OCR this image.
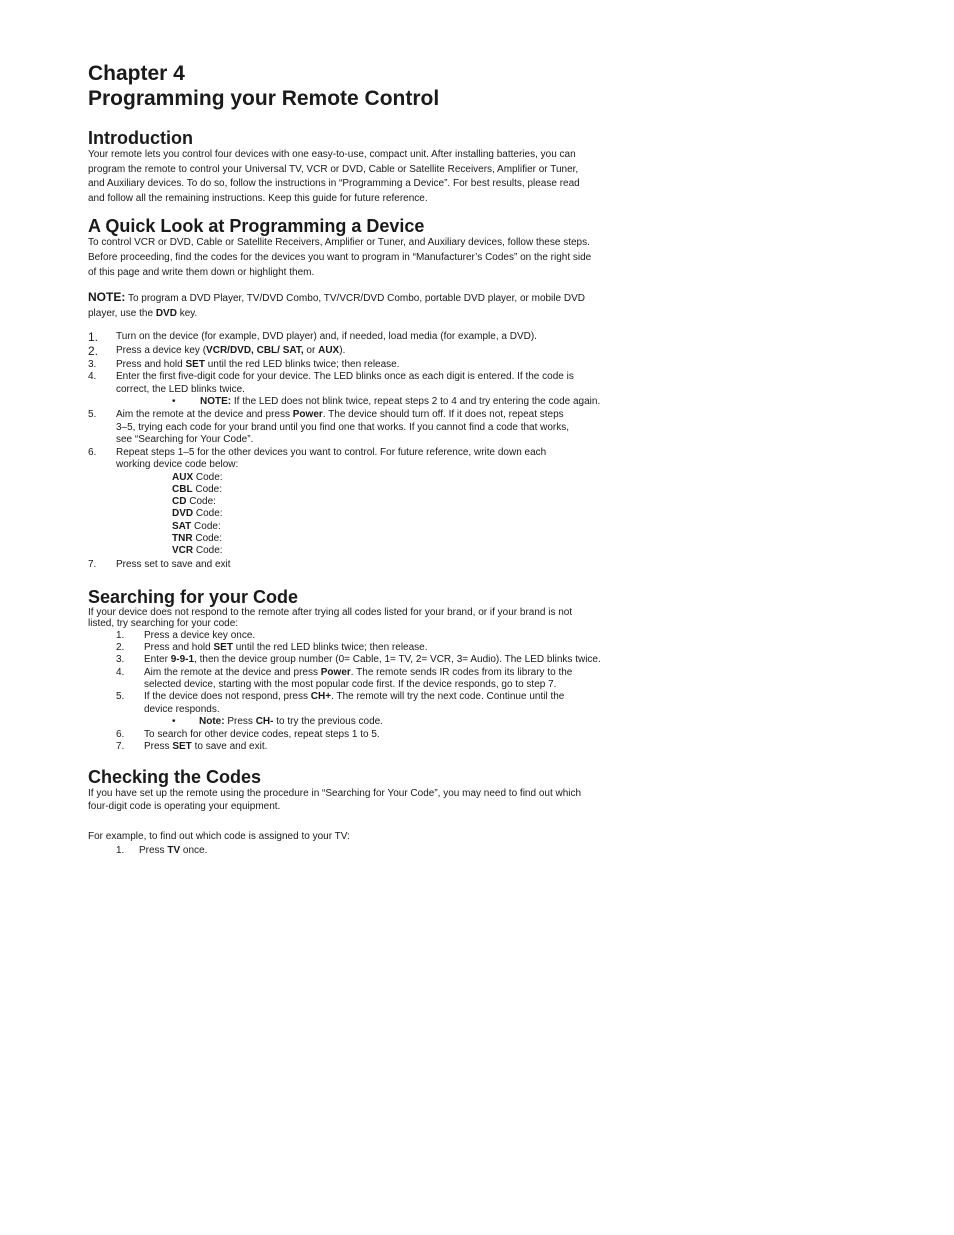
Chapter 4
Programming your Remote Control
Introduction
Your remote lets you control four devices with one easy-to-use, compact unit. After installing batteries, you can
program the remote to control your Universal TV, VCR or DVD, Cable or Satellite Receivers, Amplifier or Tuner,
and Auxiliary devices. To do so, follow the instructions in “Programming a Device”. For best results, please read
and follow all the remaining instructions. Keep this guide for future reference.
A Quick Look at Programming a Device
To control VCR or DVD, Cable or Satellite Receivers, Amplifier or Tuner, and Auxiliary devices, follow these steps.
Before proceeding, find the codes for the devices you want to program in “Manufacturer’s Codes” on the right side
of this page and write them down or highlight them.
NOTE: To program a DVD Player, TV/DVD Combo, TV/VCR/DVD Combo, portable DVD player, or mobile DVD
player, use the DVD key.
1. Turn on the device (for example, DVD player) and, if needed, load media (for example, a DVD).
2. Press a device key (VCR/DVD, CBL/ SAT, or AUX).
3. Press and hold SET until the red LED blinks twice; then release.
4. Enter the first five-digit code for your device. The LED blinks once as each digit is entered. If the code is
correct, the LED blinks twice.
• NOTE: If the LED does not blink twice, repeat steps 2 to 4 and try entering the code again.
5. Aim the remote at the device and press Power. The device should turn off. If it does not, repeat steps
3–5, trying each code for your brand until you find one that works. If you cannot find a code that works,
see “Searching for Your Code”.
6. Repeat steps 1–5 for the other devices you want to control. For future reference, write down each
working device code below:
AUX Code:
CBL Code:
CD Code:
DVD Code:
SAT Code:
TNR Code:
VCR Code:
7. Press set to save and exit
Searching for your Code
If your device does not respond to the remote after trying all codes listed for your brand, or if your brand is not
listed, try searching for your code:
1. Press a device key once.
2. Press and hold SET until the red LED blinks twice; then release.
3. Enter 9-9-1, then the device group number (0= Cable, 1= TV, 2= VCR, 3= Audio). The LED blinks twice.
4. Aim the remote at the device and press Power. The remote sends IR codes from its library to the
selected device, starting with the most popular code first. If the device responds, go to step 7.
5. If the device does not respond, press CH+. The remote will try the next code. Continue until the
device responds.
• Note: Press CH- to try the previous code.
6. To search for other device codes, repeat steps 1 to 5.
7. Press SET to save and exit.
Checking the Codes
If you have set up the remote using the procedure in “Searching for Your Code”, you may need to find out which
four-digit code is operating your equipment.
For example, to find out which code is assigned to your TV:
1. Press TV once.
